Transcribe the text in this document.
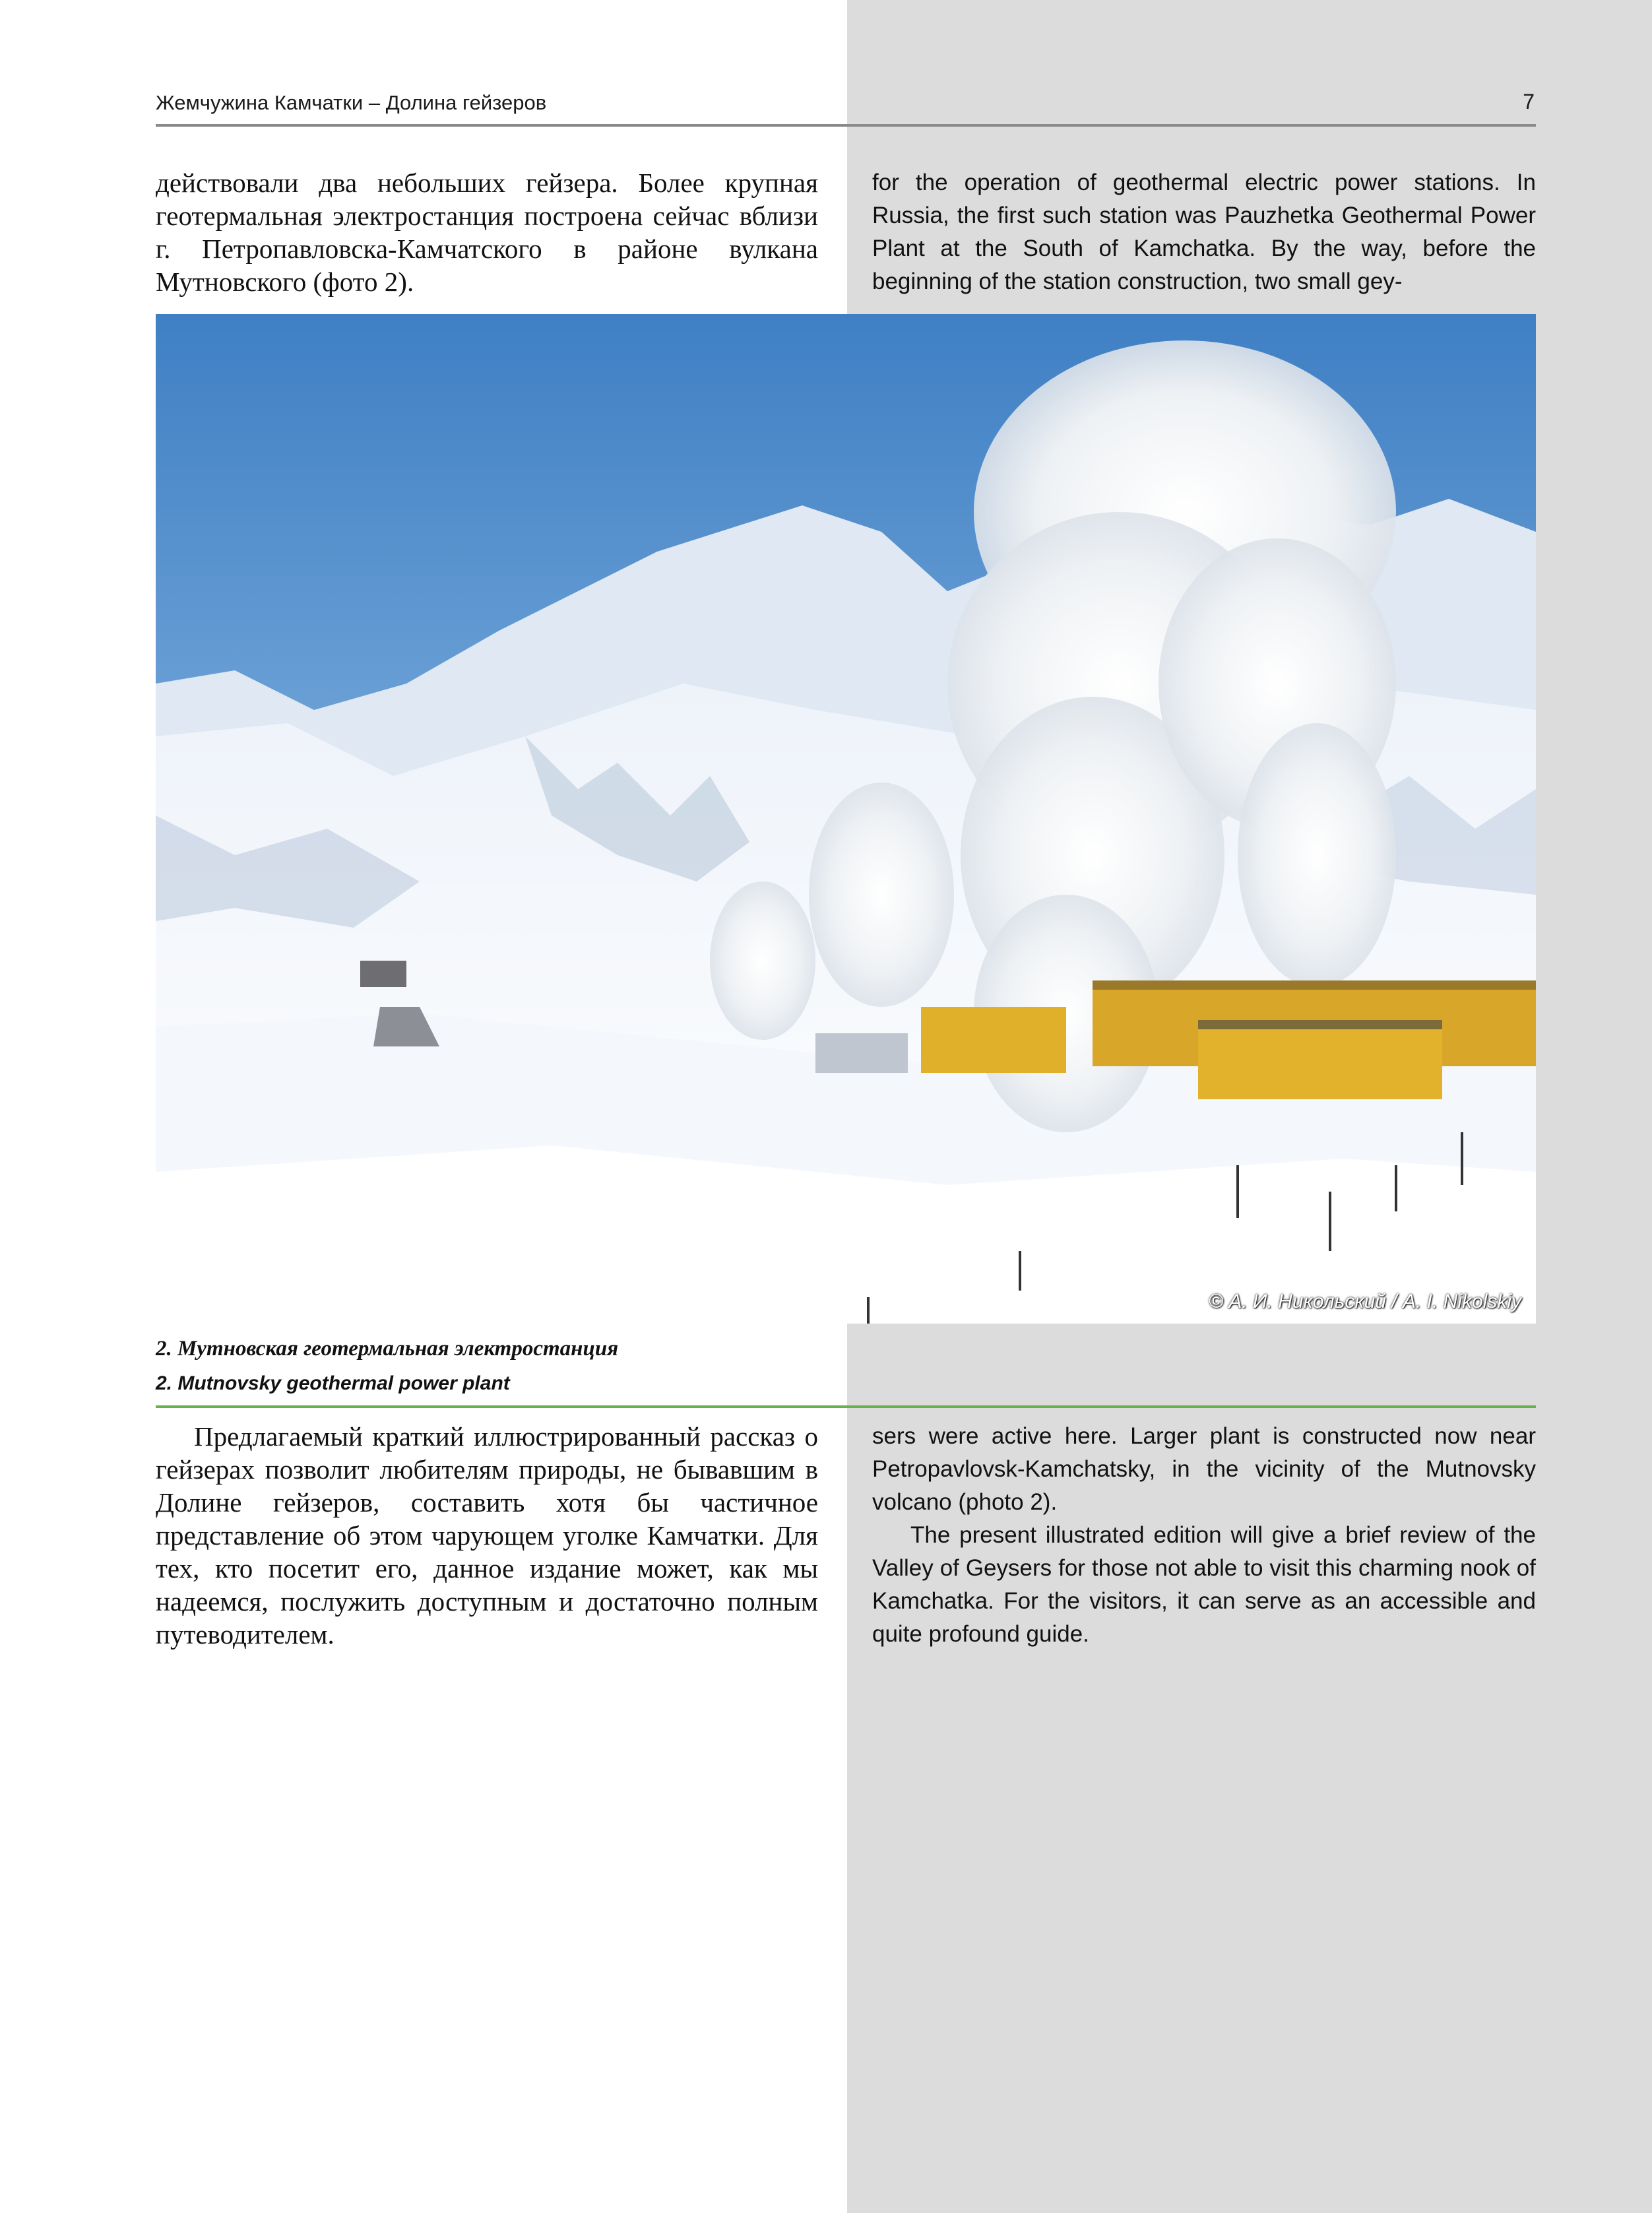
Жемчужина Камчатки – Долина гейзеров	7
действовали два небольших гейзера. Более крупная геотермальная электростанция построена сейчас вблизи г. Петропавловска-Камчатского в районе вулкана Мутновского (фото 2).
for the operation of geothermal electric power stations. In Russia, the first such station was Pauzhetka Geothermal Power Plant at the South of Kamchatka. By the way, before the beginning of the station construction, two small gey-
© А. И. Никольский / A. I. Nikolskiy
2. Мутновская геотермальная электростанция
2. Mutnovsky geothermal power plant

Предлагаемый краткий иллюстрированный рассказ о гейзерах позволит любителям природы, не бывавшим в Долине гейзеров, составить хотя бы частичное представление об этом чарующем уголке Камчатки. Для тех, кто посетит его, данное издание может, как мы надеемся, послужить доступным и достаточно полным путеводителем.

sers were active here. Larger plant is constructed now near Petropavlovsk-Kamchatsky, in the vicinity of the Mutnovsky volcano (photo 2).

The present illustrated edition will give a brief review of the Valley of Geysers for those not able to visit this charming nook of Kamchatka. For the visitors, it can serve as an accessible and quite profound guide.
